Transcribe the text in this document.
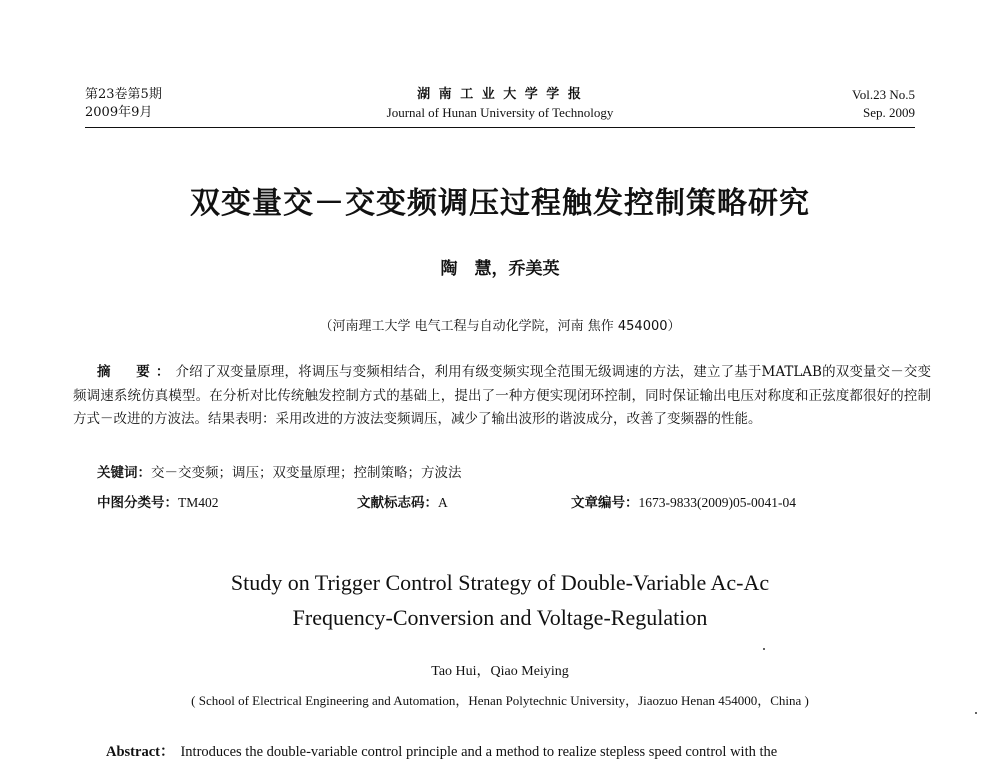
第23卷第5期
2009年9月
湖 南 工 业 大 学 学 报
Journal of Hunan University of Technology
Vol.23 No.5
Sep. 2009
双变量交－交变频调压过程触发控制策略研究
陶　慧，乔美英
（河南理工大学 电气工程与自动化学院，河南 焦作 454000）
摘　要：介绍了双变量原理，将调压与变频相结合，利用有级变频实现全范围无级调速的方法，建立了基于MATLAB的双变量交－交变频调速系统仿真模型。在分析对比传统触发控制方式的基础上，提出了一种方便实现闭环控制，同时保证输出电压对称度和正弦度都很好的控制方式－改进的方波法。结果表明：采用改进的方波法变频调压，减少了输出波形的谐波成分，改善了变频器的性能。
关键词：交－交变频；调压；双变量原理；控制策略；方波法
中图分类号：TM402	文献标志码：A	文章编号：1673-9833(2009)05-0041-04
Study on Trigger Control Strategy of Double-Variable Ac-Ac
Frequency-Conversion and Voltage-Regulation
Tao Hui，Qiao Meiying
( School of Electrical Engineering and Automation，Henan Polytechnic University，Jiaozuo Henan 454000，China )
Abstract： Introduces the double-variable control principle and a method to realize stepless speed control with the
